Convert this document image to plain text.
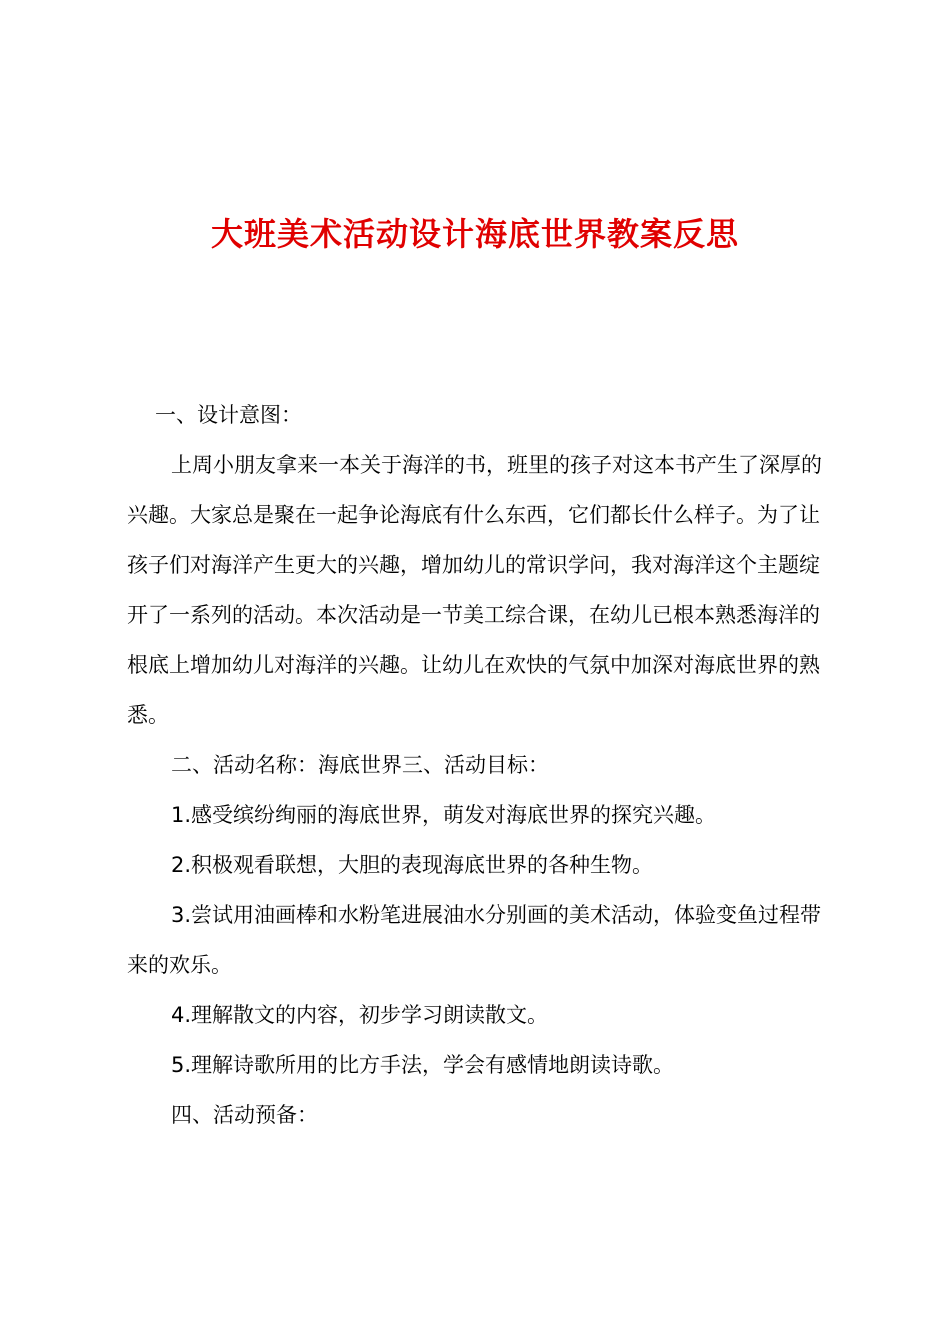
大班美术活动设计海底世界教案反思

一、设计意图：

上周小朋友拿来一本关于海洋的书，班里的孩子对这本书产生了深厚的兴趣。大家总是聚在一起争论海底有什么东西，它们都长什么样子。为了让孩子们对海洋产生更大的兴趣，增加幼儿的常识学问，我对海洋这个主题绽开了一系列的活动。本次活动是一节美工综合课，在幼儿已根本熟悉海洋的根底上增加幼儿对海洋的兴趣。让幼儿在欢快的气氛中加深对海底世界的熟悉。

二、活动名称：海底世界三、活动目标：

1.感受缤纷绚丽的海底世界，萌发对海底世界的探究兴趣。

2.积极观看联想，大胆的表现海底世界的各种生物。

3.尝试用油画棒和水粉笔进展油水分别画的美术活动，体验变鱼过程带来的欢乐。

4.理解散文的内容，初步学习朗读散文。

5.理解诗歌所用的比方手法，学会有感情地朗读诗歌。

四、活动预备：
